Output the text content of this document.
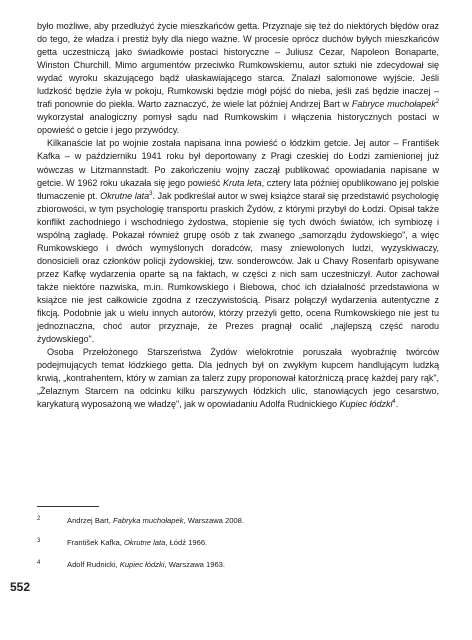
było możliwe, aby przedłużyć życie mieszkańców getta. Przyznaje się też do niektórych błędów oraz do tego, że władza i prestiż były dla niego ważne. W procesie oprócz duchów byłych mieszkańców getta uczestniczą jako świadkowie postaci historyczne – Juliusz Cezar, Napoleon Bonaparte, Winston Churchill. Mimo argumentów przeciwko Rumkowskiemu, autor sztuki nie zdecydował się wydać wyroku skazującego bądź ułaskawiającego starca. Znalazł salomonowe wyjście. Jeśli ludzkość będzie żyła w pokoju, Rumkowski będzie mógł pójść do nieba, jeśli zaś będzie inaczej – trafi ponownie do piekła. Warto zaznaczyć, że wiele lat później Andrzej Bart w Fabryce muchołapek$^2$ wykorzystał analogiczny pomysł sądu nad Rumkowskim i włączenia historycznych postaci w opowieść o getcie i jego przywódcy.

Kilkanaście lat po wojnie została napisana inna powieść o łódzkim getcie. Jej autor – František Kafka – w październiku 1941 roku był deportowany z Pragi czeskiej do Łodzi zamienionej już wówczas w Litzmannstadt. Po zakończeniu wojny zaczął publikować opowiadania napisane w getcie. W 1962 roku ukazała się jego powieść Kruta leta, cztery lata później opublikowano jej polskie tłumaczenie pt. Okrutne lata$^3$. Jak podkreślał autor w swej książce starał się przedstawić psychologię zbiorowości, w tym psychologię transportu praskich Żydów, z którymi przybył do Łodzi. Opisał także konflikt zachodniego i wschodniego żydostwa, stopienie się tych dwóch światów, ich symbiozę i wspólną zagładę. Pokazał również grupę osób z tak zwanego „samorządu żydowskiego", a więc Rumkowskiego i dwóch wymyślonych doradców, masy zniewolonych ludzi, wyzyskiwaczy, donosicieli oraz członków policji żydowskiej, tzw. sonderowców. Jak u Chavy Rosenfarb opisywane przez Kafkę wydarzenia oparte są na faktach, w części z nich sam uczestniczył. Autor zachował także niektóre nazwiska, m.in. Rumkowskiego i Biebowa, choć ich działalność przedstawiona w książce nie jest całkowicie zgodna z rzeczywistością. Pisarz połączył wydarzenia autentyczne z fikcją. Podobnie jak u wielu innych autorów, którzy przeżyli getto, ocena Rumkowskiego nie jest tu jednoznaczna, choć autor przyznaje, że Prezes pragnął ocalić „najlepszą część narodu żydowskiego".

Osoba Przełożonego Starszeństwa Żydów wielokrotnie poruszała wyobraźnię twórców podejmujących temat łódzkiego getta. Dla jednych był on zwykłym kupcem handlującym ludzką krwią, „kontrahentem, który w zamian za talerz zupy proponował katorżniczą pracę każdej pary rąk", „Żelaznym Starcem na odcinku kilku parszywych łódzkich ulic, stanowiących jego cesarstwo, karykaturą wyposażoną we władzę", jak w opowiadaniu Adolfa Rudnickiego Kupiec łódzki$^4$.

2	Andrzej Bart, Fabryka muchołapek, Warszawa 2008.
3	František Kafka, Okrutne lata, Łódź 1966.
4	Adolf Rudnicki, Kupiec łódzki, Warszawa 1963.
552
